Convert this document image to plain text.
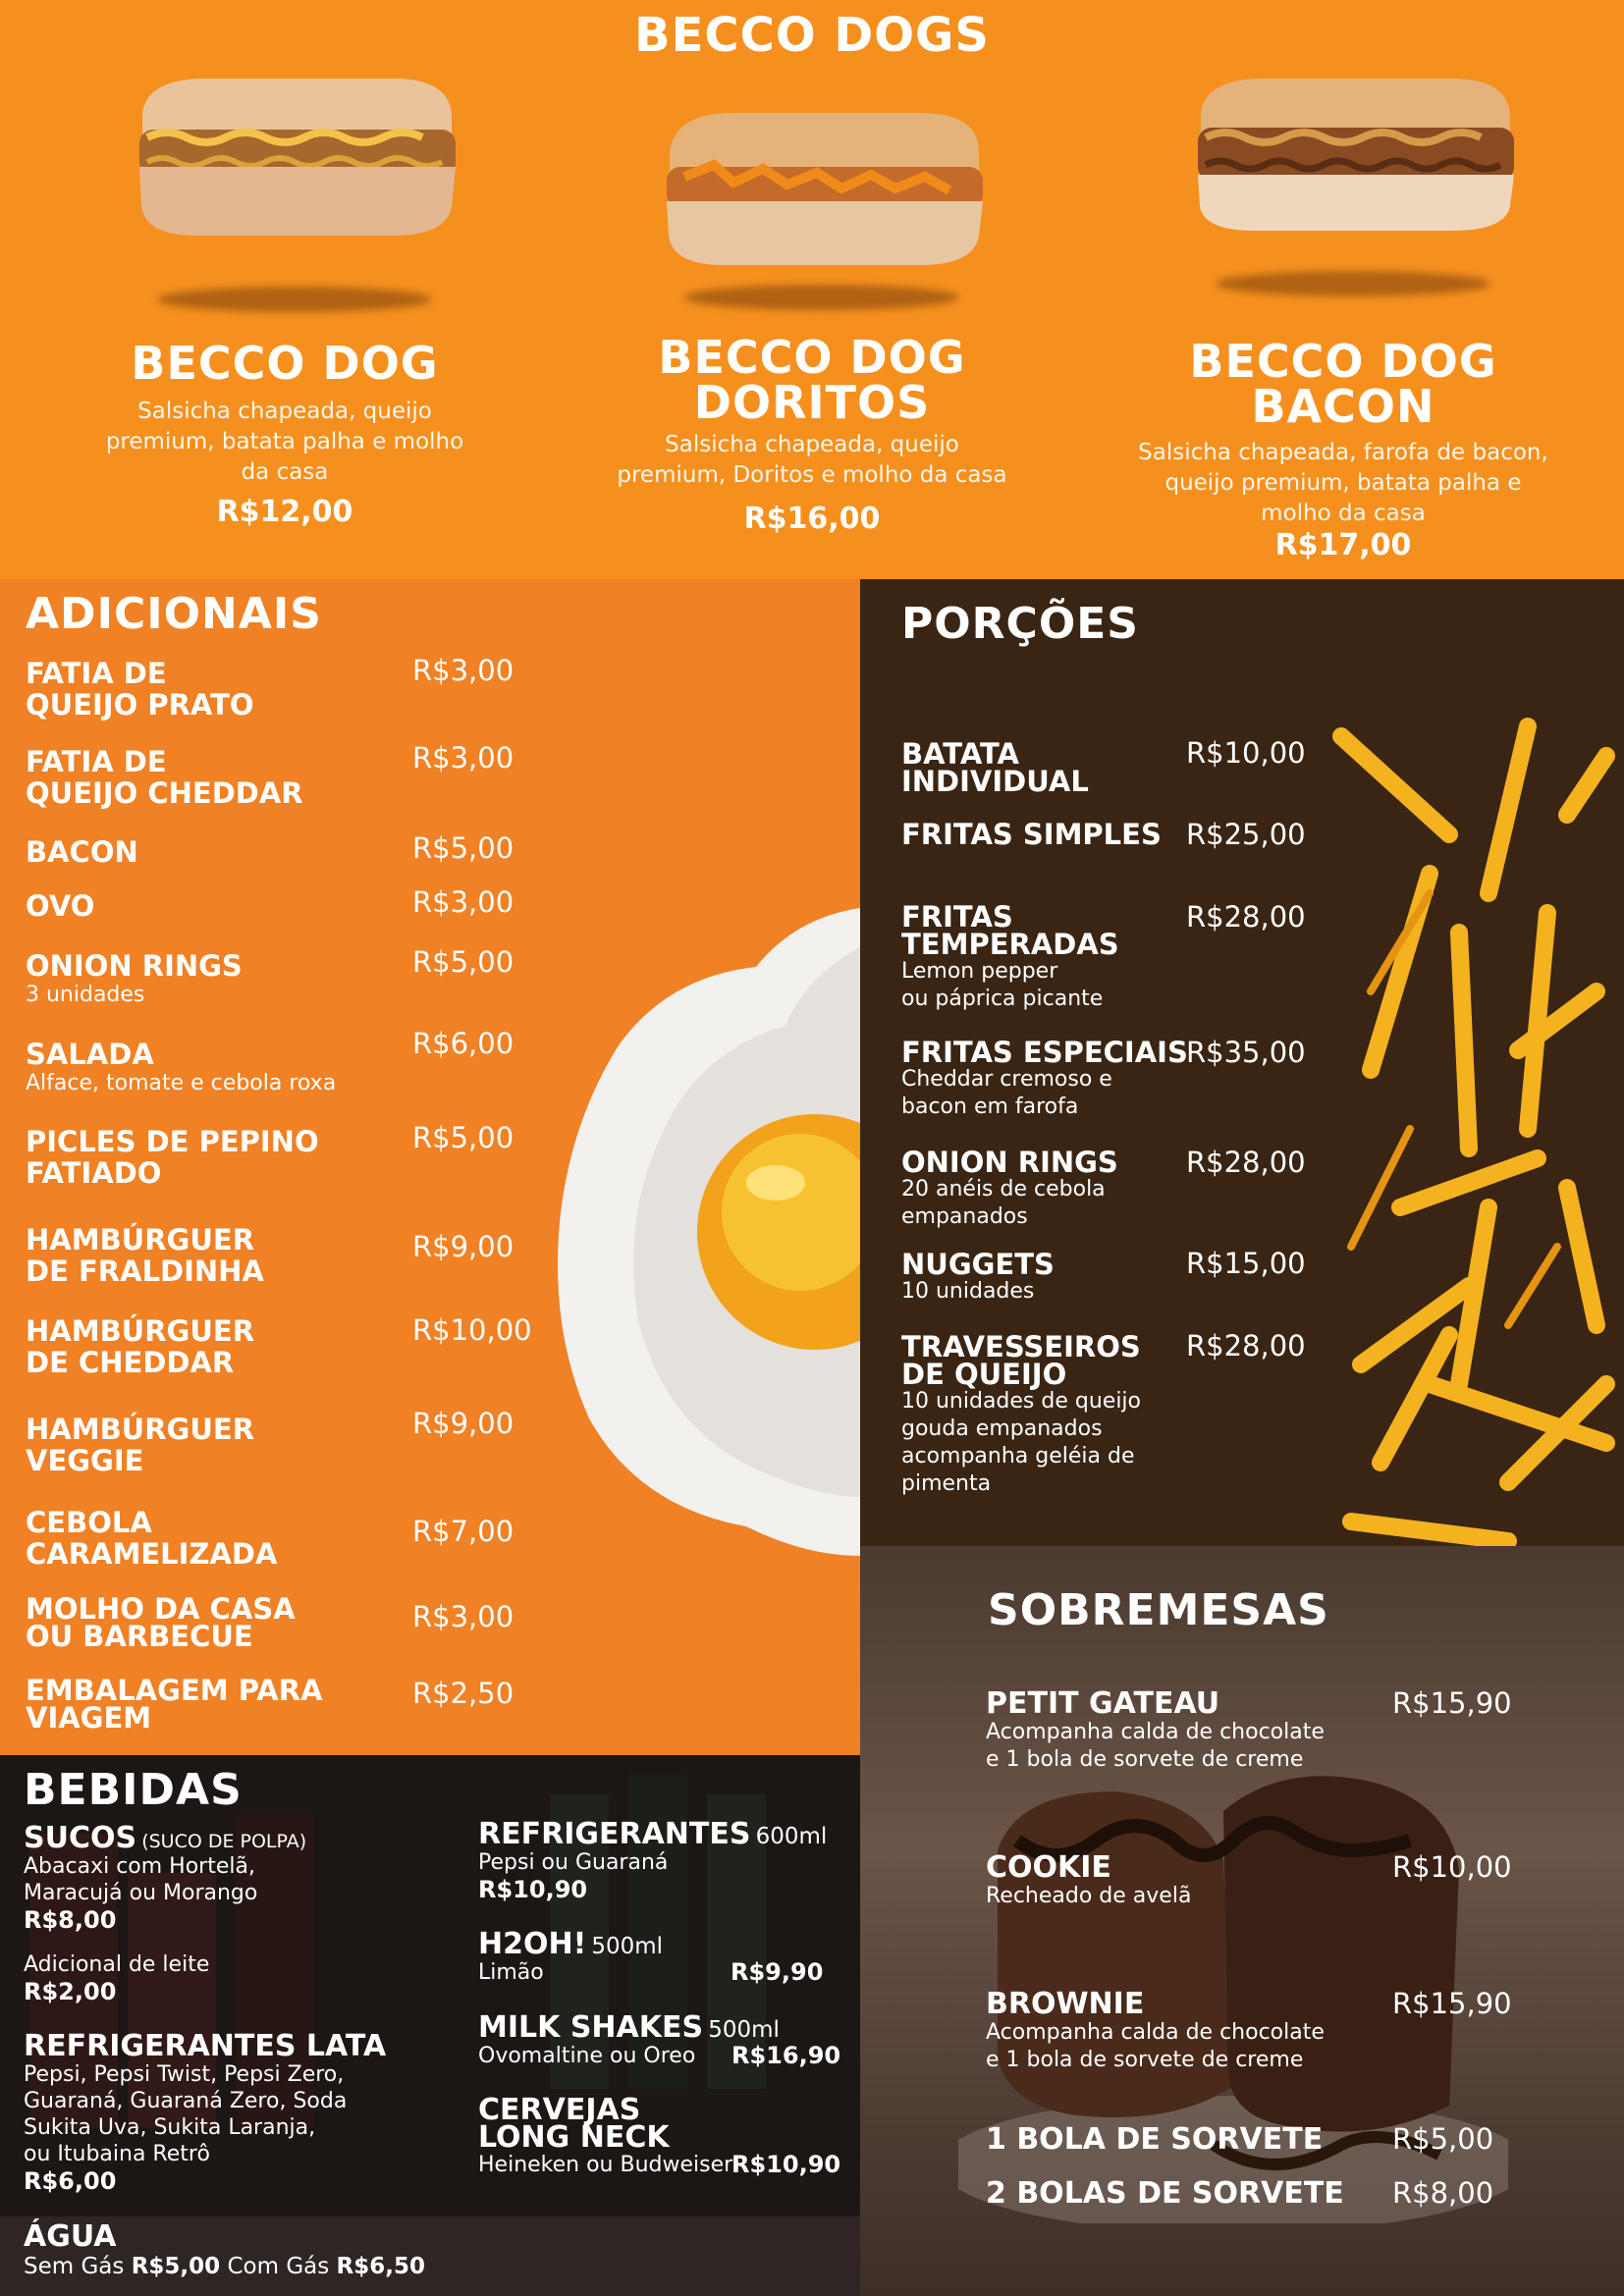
BECCO DOGS
BECCO DOG
Salsicha chapeada, queijo
premium, batata palha e molho
da casa
R$12,00
BECCO DOG
DORITOS
Salsicha chapeada, queijo
premium, Doritos e molho da casa
R$16,00
BECCO DOG
BACON
Salsicha chapeada, farofa de bacon,
queijo premium, batata palha e
molho da casa
R$17,00
ADICIONAIS
FATIA DE
QUEIJO PRATO
R$3,00
FATIA DE
QUEIJO CHEDDAR
R$3,00
BACON	R$5,00
OVO	R$3,00
ONION RINGS
3 unidades
R$5,00
SALADA
Alface, tomate e cebola roxa
R$6,00
PICLES DE PEPINO
FATIADO
R$5,00
HAMBÚRGUER
DE FRALDINHA
R$9,00
HAMBÚRGUER
DE CHEDDAR
R$10,00
HAMBÚRGUER
VEGGIE
R$9,00
CEBOLA
CARAMELIZADA
R$7,00
MOLHO DA CASA
OU BARBECUE
R$3,00
EMBALAGEM PARA
VIAGEM
R$2,50
PORÇÕES
BATATA
INDIVIDUAL
R$10,00
FRITAS SIMPLES R$25,00
FRITAS
TEMPERADAS
Lemon pepper
ou páprica picante
R$28,00
FRITAS ESPECIAIS
Cheddar cremoso e
bacon em farofa
R$35,00
ONION RINGS
20 anéis de cebola
empanados
R$28,00
NUGGETS
10 unidades
R$15,00
TRAVESSEIROS
DE QUEIJO
10 unidades de queijo
gouda empanados
acompanha geléia de
pimenta
R$28,00
SOBREMESAS
PETIT GATEAU
Acompanha calda de chocolate
e 1 bola de sorvete de creme
R$15,90
COOKIE
Recheado de avelã
R$10,00
BROWNIE
Acompanha calda de chocolate
e 1 bola de sorvete de creme
R$15,90
1 BOLA DE SORVETE	R$5,00
2 BOLAS DE SORVETE	R$8,00
BEBIDAS
SUCOS (SUCO DE POLPA)
Abacaxi com Hortelã,
Maracujá ou Morango
R$8,00
Adicional de leite
R$2,00
REFRIGERANTES LATA
Pepsi, Pepsi Twist, Pepsi Zero,
Guaraná, Guaraná Zero, Soda
Sukita Uva, Sukita Laranja,
ou Itubaina Retrô
R$6,00
ÁGUA
Sem Gás R$5,00 Com Gás R$6,50
REFRIGERANTES 600ml
Pepsi ou Guaraná
R$10,90
H2OH! 500ml
Limão	R$9,90
MILK SHAKES 500ml
Ovomaltine ou Oreo R$16,90
CERVEJAS
LONG NECK
Heineken ou Budweiser
R$10,90
